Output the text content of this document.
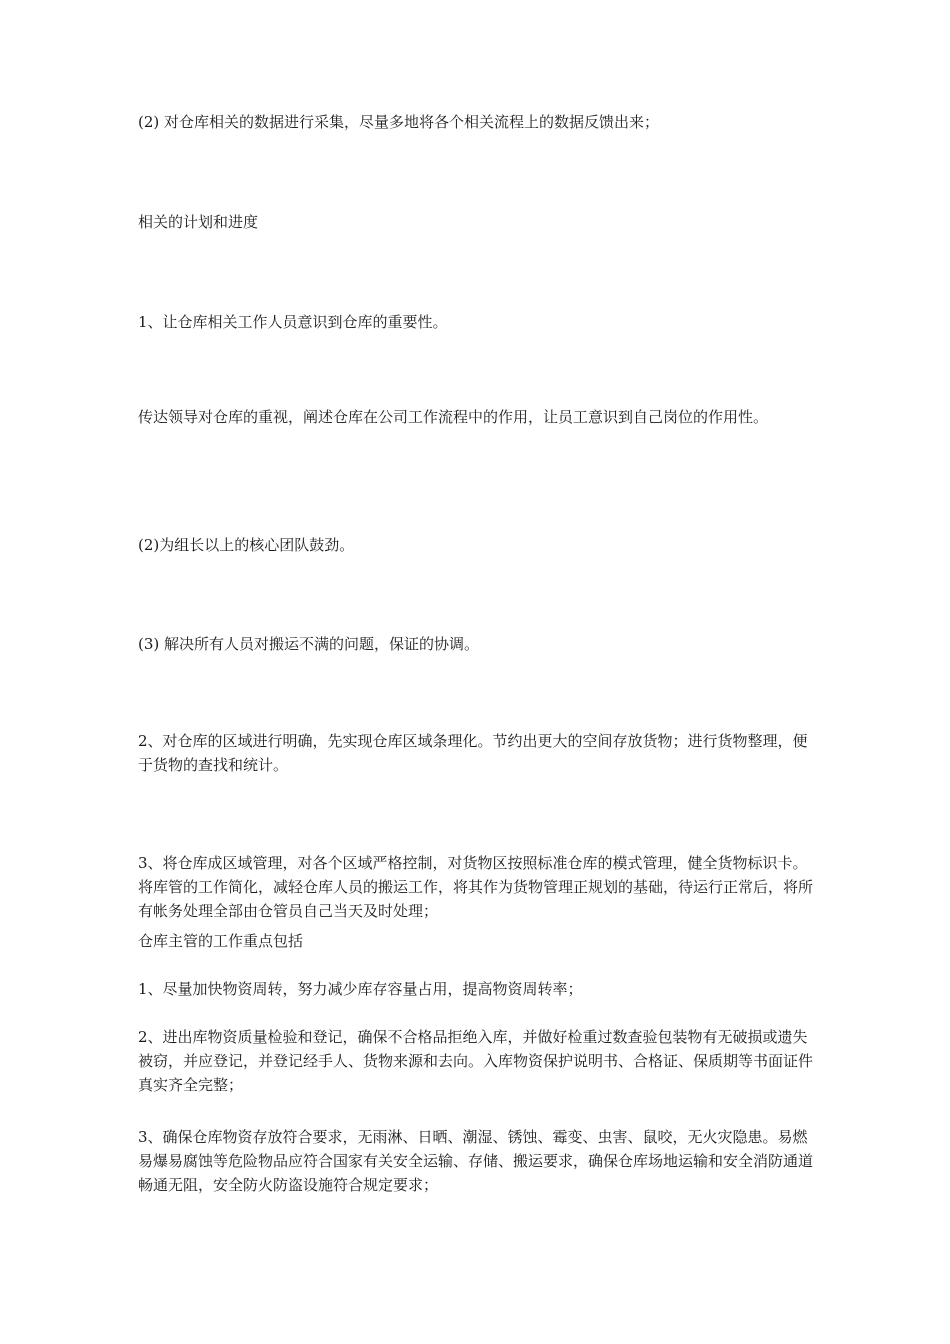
(2) 对仓库相关的数据进行采集，尽量多地将各个相关流程上的数据反馈出来；

相关的计划和进度

1、让仓库相关工作人员意识到仓库的重要性。

传达领导对仓库的重视，阐述仓库在公司工作流程中的作用，让员工意识到自己岗位的作用性。

(2)为组长以上的核心团队鼓劲。

(3) 解决所有人员对搬运不满的问题，保证的协调。

2、对仓库的区域进行明确，先实现仓库区域条理化。节约出更大的空间存放货物；进行货物整理，便于货物的查找和统计。

3、将仓库成区域管理，对各个区域严格控制，对货物区按照标准仓库的模式管理，健全货物标识卡。将库管的工作简化，减轻仓库人员的搬运工作，将其作为货物管理正规划的基础，待运行正常后，将所有帐务处理全部由仓管员自己当天及时处理；

仓库主管的工作重点包括

1、尽量加快物资周转，努力减少库存容量占用，提高物资周转率；

2、进出库物资质量检验和登记，确保不合格品拒绝入库，并做好检重过数查验包装物有无破损或遗失被窃，并应登记，并登记经手人、货物来源和去向。入库物资保护说明书、合格证、保质期等书面证件真实齐全完整；

3、确保仓库物资存放符合要求，无雨淋、日晒、潮湿、锈蚀、霉变、虫害、鼠咬，无火灾隐患。易燃易爆易腐蚀等危险物品应符合国家有关安全运输、存储、搬运要求，确保仓库场地运输和安全消防通道畅通无阻，安全防火防盗设施符合规定要求；
